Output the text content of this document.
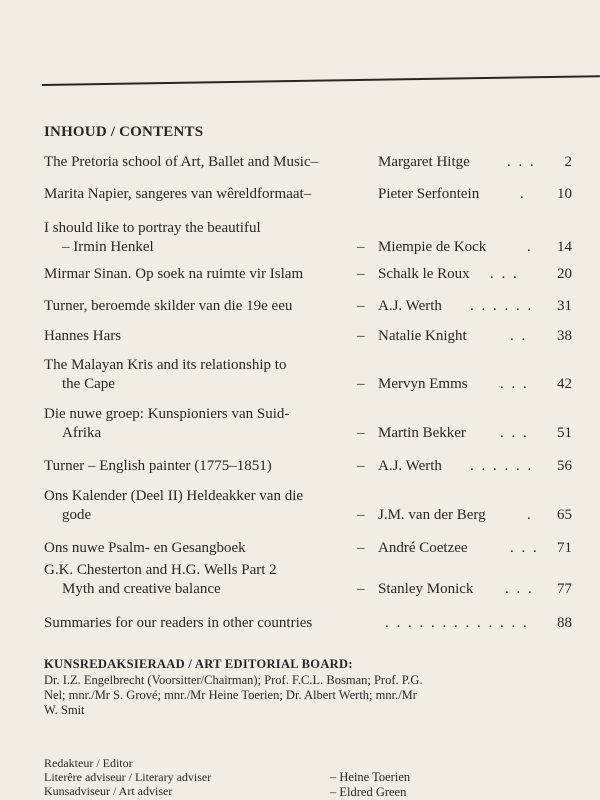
INHOUD / CONTENTS
The Pretoria school of Art, Ballet and Music–	Margaret Hitge . . . 2
Marita Napier, sangeres van wêreldformaat–	Pieter Serfontein	. 10
I should like to portray the beautiful
– Irmin Henkel	– Miempie de Kock	. 14
Mirmar Sinan. Op soek na ruimte vir Islam	– Schalk le Roux . . .	20
Turner, beroemde skilder van die 19e eeu	– A.J. Werth . . . . . . 31
Hannes Hars	– Natalie Knight	. . 38
The Malayan Kris and its relationship to
the Cape	– Mervyn Emms . . . 42
Die nuwe groep: Kunspioniers van Suid-
Afrika	– Martin Bekker . . . 51
Turner – English painter (1775–1851)	– A.J. Werth . . . . . . 56
Ons Kalender (Deel II) Heldeakker van die
gode	– J.M. van der Berg	. 65
Ons nuwe Psalm- en Gesangboek	– André Coetzee	. . . 71
G.K. Chesterton and H.G. Wells Part 2
Myth and creative balance	– Stanley Monick . . . 77
Summaries for our readers in other countries	. . . . . . . . . . . . . 88
KUNSREDAKSIERAAD / ART EDITORIAL BOARD:
Dr. I.Z. Engelbrecht (Voorsitter/Chairman); Prof. F.C.L. Bosman; Prof. P.G.
Nel; mnr./Mr S. Grové; mnr./Mr Heine Toerien; Dr. Albert Werth; mnr./Mr
W. Smit
Redakteur / Editor
Literêre adviseur / Literary adviser	– Heine Toerien
Kunsadviseur / Art adviser	– Eldred Green
